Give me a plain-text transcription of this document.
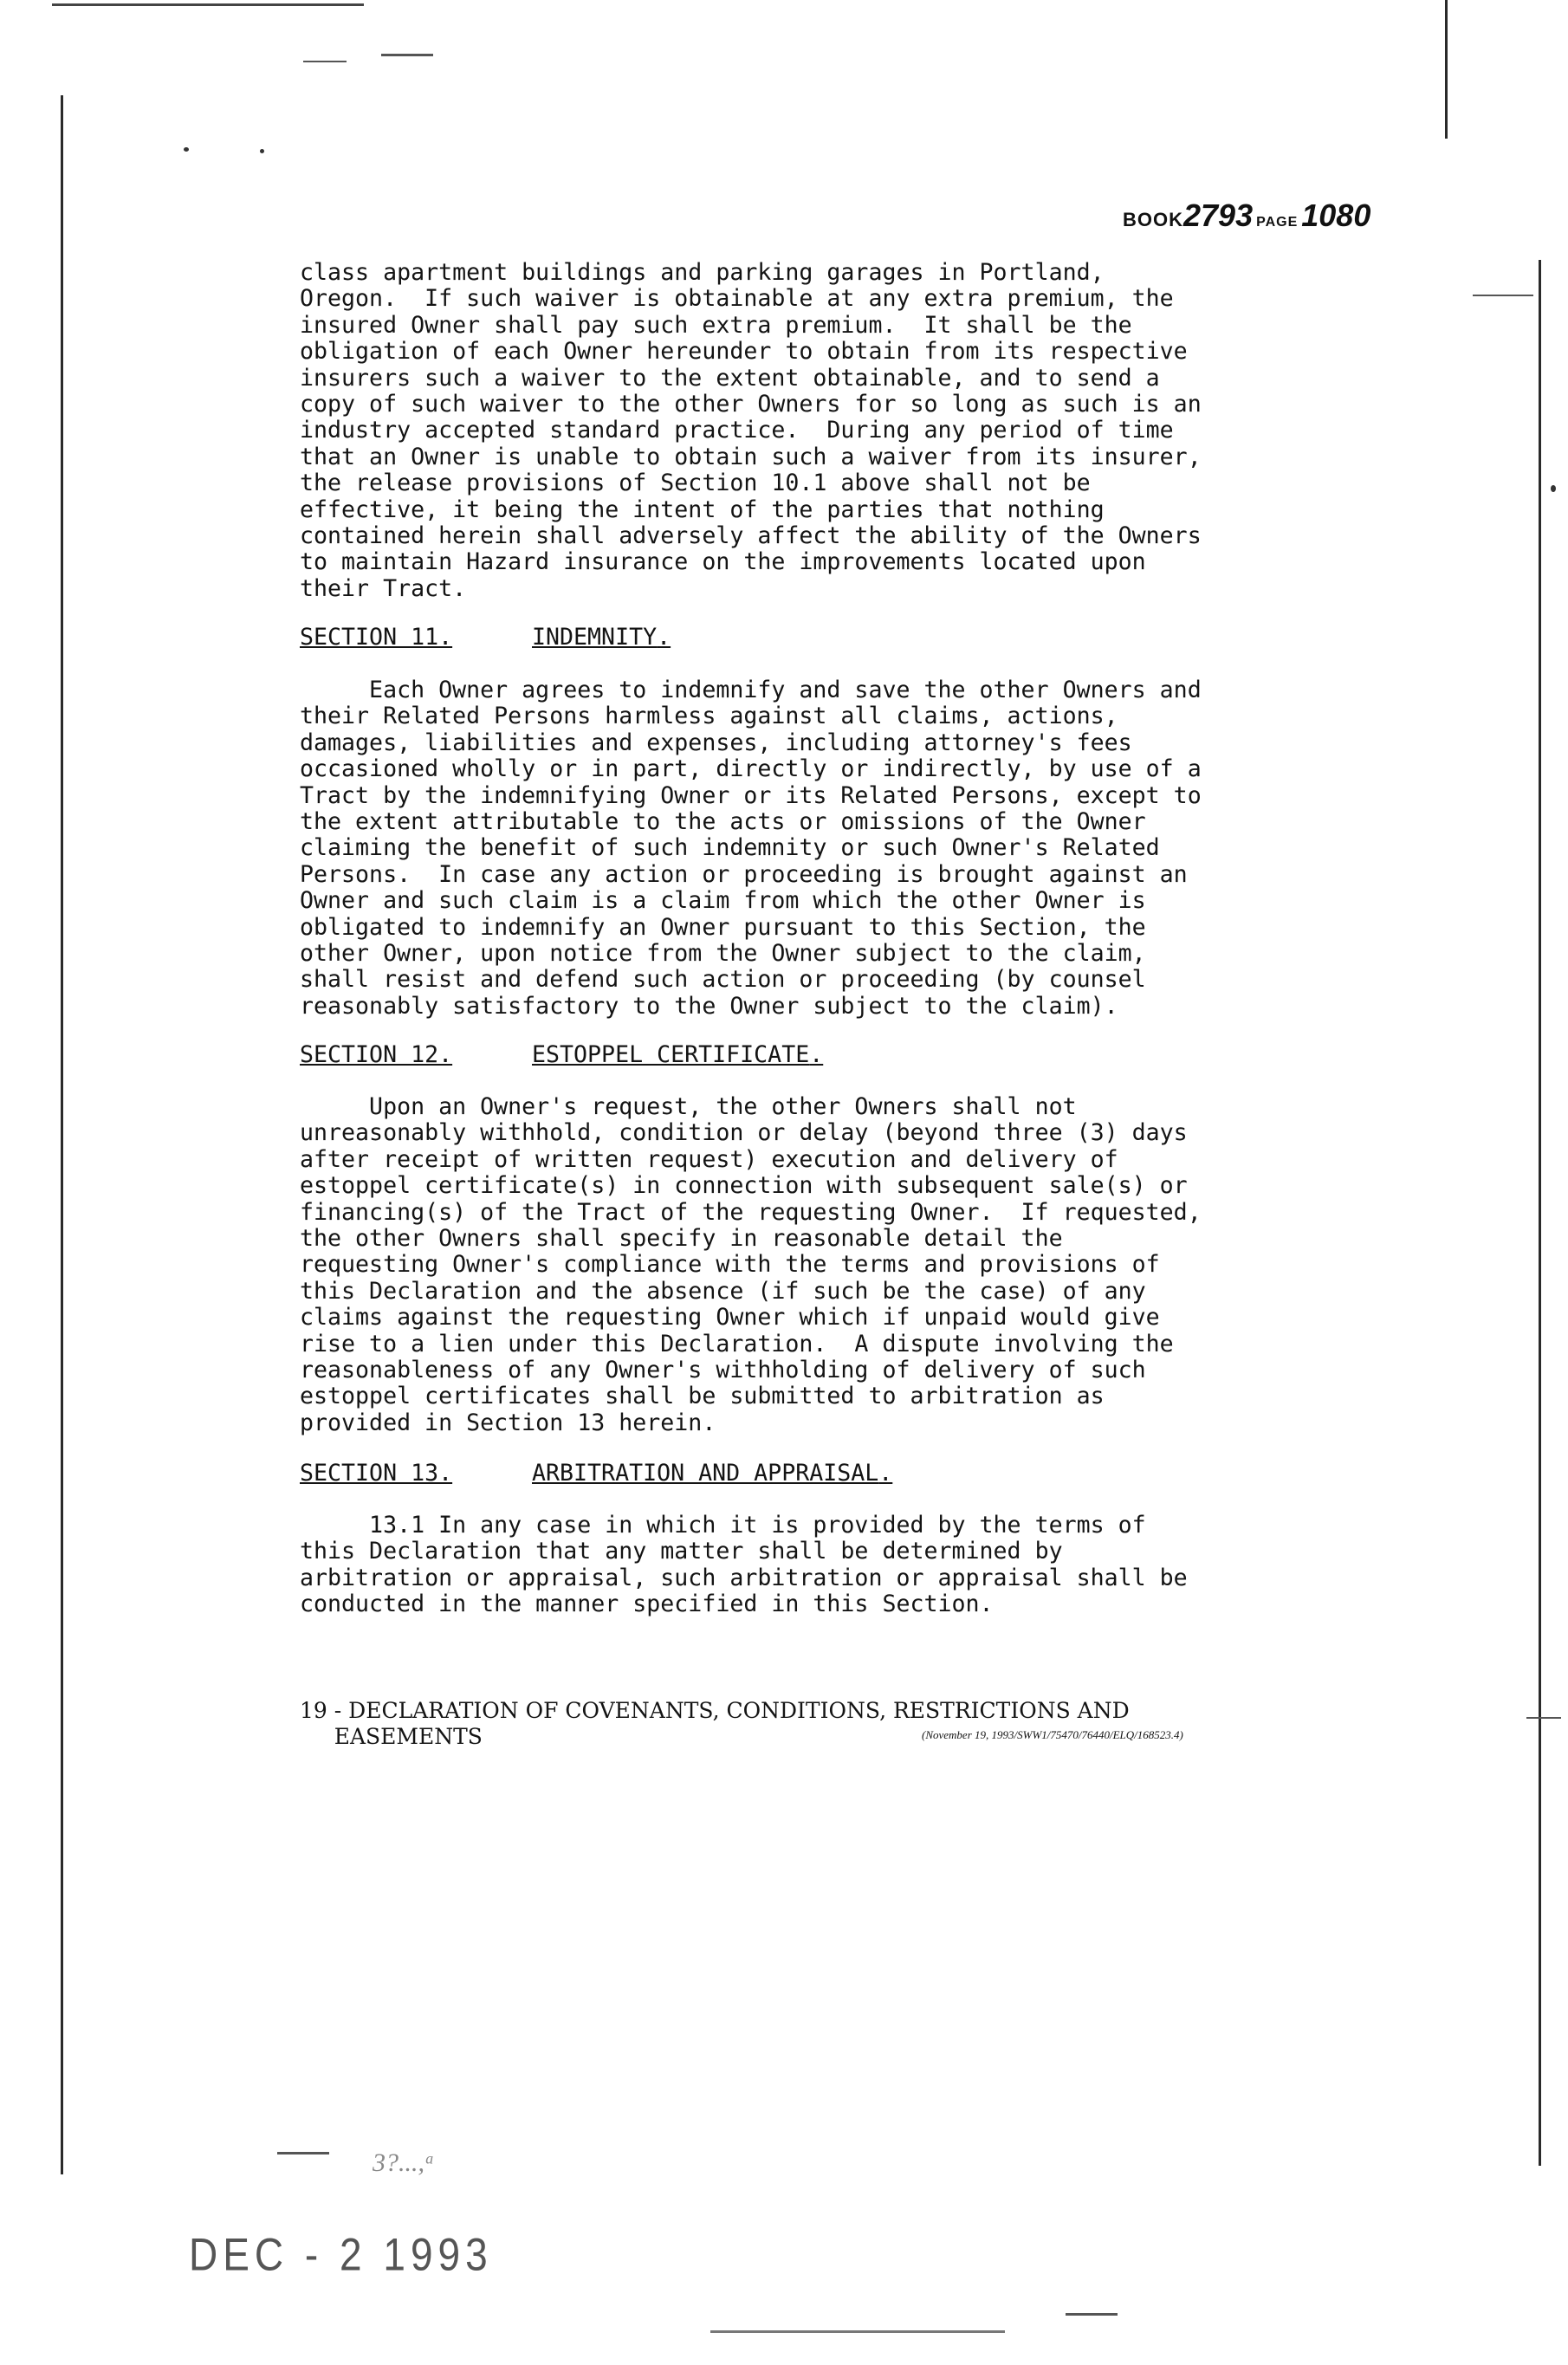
BOOK2793 PAGE 1080
class apartment buildings and parking garages in Portland,
Oregon.  If such waiver is obtainable at any extra premium, the
insured Owner shall pay such extra premium.  It shall be the
obligation of each Owner hereunder to obtain from its respective
insurers such a waiver to the extent obtainable, and to send a
copy of such waiver to the other Owners for so long as such is an
industry accepted standard practice.  During any period of time
that an Owner is unable to obtain such a waiver from its insurer,
the release provisions of Section 10.1 above shall not be
effective, it being the intent of the parties that nothing
contained herein shall adversely affect the ability of the Owners
to maintain Hazard insurance on the improvements located upon
their Tract.
SECTION 11.	INDEMNITY.
Each Owner agrees to indemnify and save the other Owners and
their Related Persons harmless against all claims, actions,
damages, liabilities and expenses, including attorney's fees
occasioned wholly or in part, directly or indirectly, by use of a
Tract by the indemnifying Owner or its Related Persons, except to
the extent attributable to the acts or omissions of the Owner
claiming the benefit of such indemnity or such Owner's Related
Persons.  In case any action or proceeding is brought against an
Owner and such claim is a claim from which the other Owner is
obligated to indemnify an Owner pursuant to this Section, the
other Owner, upon notice from the Owner subject to the claim,
shall resist and defend such action or proceeding (by counsel
reasonably satisfactory to the Owner subject to the claim).
SECTION 12.	ESTOPPEL CERTIFICATE.
Upon an Owner's request, the other Owners shall not
unreasonably withhold, condition or delay (beyond three (3) days
after receipt of written request) execution and delivery of
estoppel certificate(s) in connection with subsequent sale(s) or
financing(s) of the Tract of the requesting Owner.  If requested,
the other Owners shall specify in reasonable detail the
requesting Owner's compliance with the terms and provisions of
this Declaration and the absence (if such be the case) of any
claims against the requesting Owner which if unpaid would give
rise to a lien under this Declaration.  A dispute involving the
reasonableness of any Owner's withholding of delivery of such
estoppel certificates shall be submitted to arbitration as
provided in Section 13 herein.
SECTION 13.	ARBITRATION AND APPRAISAL.
13.1 In any case in which it is provided by the terms of
this Declaration that any matter shall be determined by
arbitration or appraisal, such arbitration or appraisal shall be
conducted in the manner specified in this Section.
19 - DECLARATION OF COVENANTS, CONDITIONS, RESTRICTIONS AND
EASEMENTS	(November 19, 1993/SWW1/75470/76440/ELQ/168523.4)
3?...,ᵃ
DEC - 2 1993
